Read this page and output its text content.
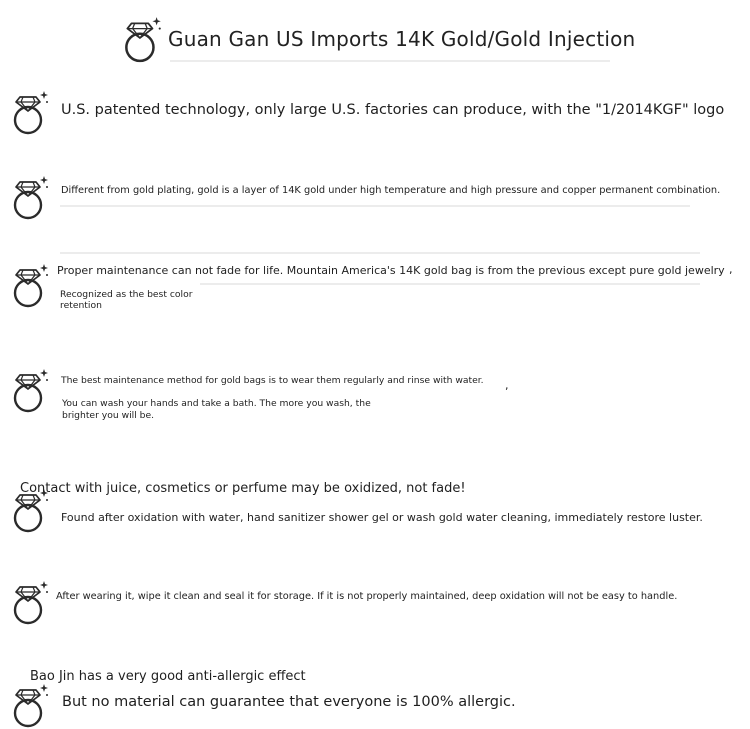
Guan Gan US Imports 14K Gold/Gold Injection
U.S. patented technology, only large U.S. factories can produce, with the "1/2014KGF" logo
Different from gold plating, gold is a layer of 14K gold under high temperature and high pressure and copper permanent combination.
Proper maintenance can not fade for life. Mountain America's 14K gold bag is from the previous except pure gold jewelry ,
Recognized as the best color retention
The best maintenance method for gold bags is to wear them regularly and rinse with water. ,
You can wash your hands and take a bath. The more you wash, the brighter you will be.
Contact with juice, cosmetics or perfume may be oxidized, not fade!
Found after oxidation with water, hand sanitizer shower gel or wash gold water cleaning, immediately restore luster.
After wearing it, wipe it clean and seal it for storage. If it is not properly maintained, deep oxidation will not be easy to handle.
Bao Jin has a very good anti-allergic effect
But no material can guarantee that everyone is 100% allergic.
